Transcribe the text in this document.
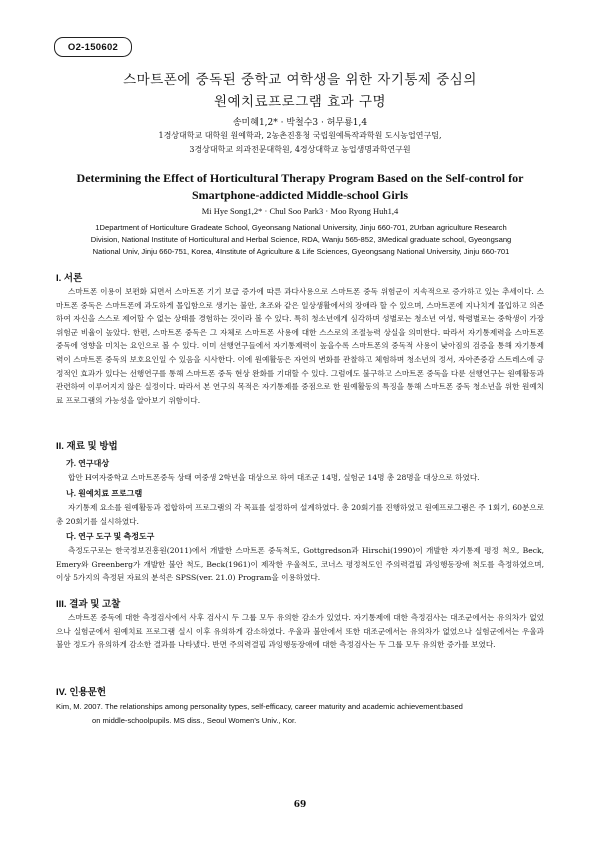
O2-150602
스마트폰에 중독된 중학교 여학생을 위한 자기통제 중심의
원예치료프로그램 효과 구명
송미혜1,2* · 박철수3 · 허무룡1,4
1경상대학교 대학원 원예학과, 2농촌진흥청 국립원예특작과학원 도시농업연구팀,
3경상대학교 의과전문대학원, 4경상대학교 농업생명과학연구원
Determining the Effect of Horticultural Therapy Program Based on the Self-control for
Smartphone-addicted Middle-school Girls
Mi Hye Song1,2* · Chul Soo Park3 · Moo Ryong Huh1,4
1Department of Horticulture Gradeate School, Gyeonsang National University, Jinju 660-701, 2Urban agriculture Research
Division, National Institute of Horticultural and Herbal Science, RDA, Wanju 565-852, 3Medical graduate school, Gyeongsang
National Univ, Jinju 660-751, Korea, 4Institute of Agriculture & Life Sciences, Gyeongsang National University, Jinju 660-701
I. 서론
스마트폰 이용이 보편화 되면서 스마트폰 기기 보급 증가에 따른 과다사용으로 스마트폰 중독 위험군이 지속적으로 증가하고 있는 추세이다. 스마트폰 중독은 스마트폰에 과도하게 몰입함으로 생기는 불안, 초조와 같은 일상생활에서의 장애라 할 수 있으며, 스마트폰에 지나치게 몰입하고 의존하여 자신을 스스로 제어할 수 없는 상태를 경험하는 것이라 볼 수 있다. 특히 청소년에게 심각하며 성별로는 청소년 여성, 학령별로는 중학생이 가장 위험군 비율이 높았다. 한편, 스마트폰 중독은 그 자체로 스마트폰 사용에 대한 스스로의 조절능력 상실을 의미한다. 따라서 자기통제력을 스마트폰 중독에 영향을 미치는 요인으로 볼 수 있다. 이미 선행연구들에서 자기통제력이 높을수록 스마트폰의 중독적 사용이 낮아짐의 검증을 통해 자기통제력이 스마트폰 중독의 보호요인일 수 있음을 시사한다. 이에 원예활동은 자연의 변화를 관찰하고 체험하며 청소년의 정서, 자아존중감 스트레스에 긍정적인 효과가 있다는 선행연구를 통해 스마트폰 중독 현상 완화를 기대할 수 있다. 그럼에도 불구하고 스마트폰 중독을 다룬 선행연구는 원예활동과 관련하여 이루어지지 않은 실정이다. 따라서 본 연구의 목적은 자기통제를 중점으로 한 원예활동의 특징을 통해 스마트폰 중독 청소년을 위한 원예치료 프로그램의 가능성을 알아보기 위함이다.
II. 재료 및 방법
가. 연구대상
합안 H여자중학교 스마트폰중독 상태 여중생 2학년을 대상으로 하여 대조군 14명, 실험군 14명 총 28명을 대상으로 하였다.
나. 원예치료 프로그램
자기통제 요소를 원예활동과 접합하여 프로그램의 각 목표를 설정하여 설계하였다. 총 20회기를 진행하였고 원예프로그램은 주 1회기, 60분으로 총 20회기를 실시하였다.
다. 연구 도구 및 측정도구
측정도구로는 한국정보진흥원(2011)에서 개발한 스마트폰 중독척도, Gottgredson과 Hirschi(1990)이 개발한 자기통제 평정 척오, Beck, Emery와 Greenberg가 개발한 불안 척도, Beck(1961)이 제작한 우울척도, 코너스 평정척도인 주의력결핍 과잉행동장애 척도를 측정하였으며, 이상 5가지의 측정된 자료의 분석은 SPSS(ver. 21.0) Program을 이용하였다.
III. 결과 및 고찰
스마트폰 중독에 대한 측정검사에서 사후 검사시 두 그룹 모두 유의한 감소가 있었다. 자기통제에 대한 측정검사는 대조군에서는 유의차가 없었으나 실험군에서 원예치료 프로그램 실시 이후 유의하게 감소하였다. 우울과 불안에서 또한 대조군에서는 유의차가 없었으나 실험군에서는 우울과 불안 정도가 유의하게 감소한 결과를 나타냈다. 반면 주의력결핍 과잉행동장애에 대한 측정검사는 두 그룹 모두 유의한 증가를 보였다.
IV. 인용문헌
Kim, M. 2007. The relationships among personality types, self-efficacy, career maturity and academic achievement:based
on middle-schoolpupils. MS diss., Seoul Women's Univ., Kor.
69
